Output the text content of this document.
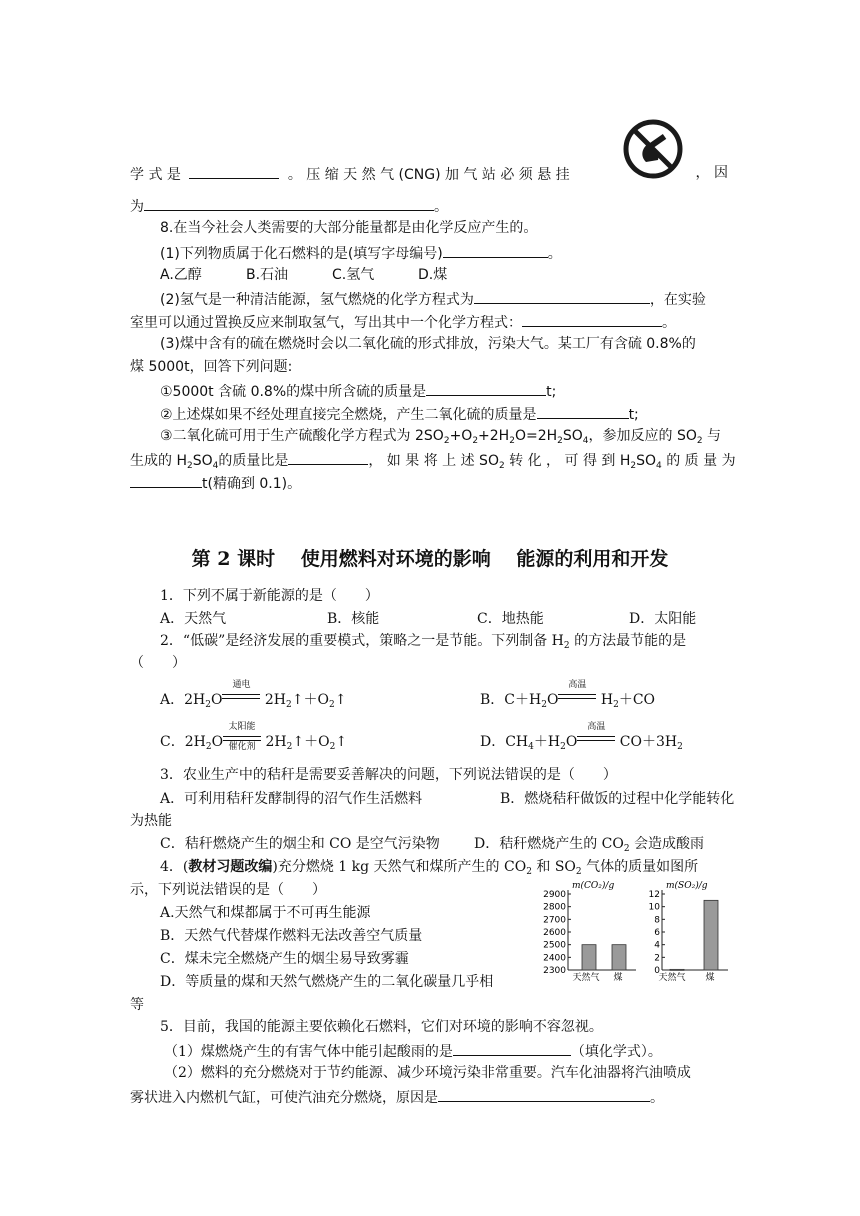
学 式 是	。 压 缩 天 然 气 (CNG) 加 气 站 必 须 悬 挂	， 因
为	。
8.在当今社会人类需要的大部分能量都是由化学反应产生的。
(1)下列物质属于化石燃料的是(填写字母编号)	。
A.乙醇	B.石油	C.氢气	D.煤
(2)氢气是一种清洁能源，氢气燃烧的化学方程式为	，在实验
室里可以通过置换反应来制取氢气，写出其中一个化学方程式：	。
(3)煤中含有的硫在燃烧时会以二氧化硫的形式排放，污染大气。某工厂有含硫 0.8%的
煤 5000t，回答下列问题:
①5000t 含硫 0.8%的煤中所含硫的质量是	t;
②上述煤如果不经处理直接完全燃烧，产生二氧化硫的质量是	t;
③二氧化硫可用于生产硫酸化学方程式为 $2SO_2+O_2+2H_2O=2H_2SO_4$，参加反应的 $SO_2$ 与
生成的 $H_2SO_4$的质量比是	， 如 果 将 上 述 $SO_2$ 转 化 ， 可 得 到 $H_2SO_4$ 的 质 量 为
t(精确到 0.1)。
第 2 课时　 使用燃料对环境的影响　 能源的利用和开发
1．下列不属于新能源的是（　　）
A．天然气	B．核能	C．地热能	D．太阳能
2．“低碳”是经济发展的重要模式，策略之一是节能。下列制备 $H_2$ 的方法最节能的是
（　　）
A．$2H_2O$
通电
$2H_2↑+O_2↑$	B．$C+H_2O$
高温
$H_2+CO$
C．$2H_2O$
太阳能
催化剂 $2H_2↑+O_2↑$	D．$CH_4+H_2O$
高温
$CO+3H_2$
3．农业生产中的秸秆是需要妥善解决的问题，下列说法错误的是（　　）
A．可利用秸秆发酵制得的沼气作生活燃料	B．燃烧秸秆做饭的过程中化学能转化
为热能
C．秸秆燃烧产生的烟尘和 CO 是空气污染物 D．秸秆燃烧产生的 $CO_2$ 会造成酸雨
4．(教材习题改编)充分燃烧 1 kg 天然气和煤所产生的 $CO_2$ 和 $SO_2$ 气体的质量如图所
示，下列说法错误的是（　　）
A.天然气和煤都属于不可再生能源
B．天然气代替煤作燃料无法改善空气质量
C．煤未完全燃烧产生的烟尘易导致雾霾
D．等质量的煤和天然气燃烧产生的二氧化碳量几乎相
等
m(CO₂)/g
2900
2800
2700
2600
2500
2400
2300
天然气 煤
m(SO₂)/g
12
10
8
6
4
2
0
天然气 煤
5．目前，我国的能源主要依赖化石燃料，它们对环境的影响不容忽视。
（1）煤燃烧产生的有害气体中能引起酸雨的是	（填化学式）。
（2）燃料的充分燃烧对于节约能源、减少环境污染非常重要。汽车化油器将汽油喷成
雾状进入内燃机气缸，可使汽油充分燃烧，原因是	。
